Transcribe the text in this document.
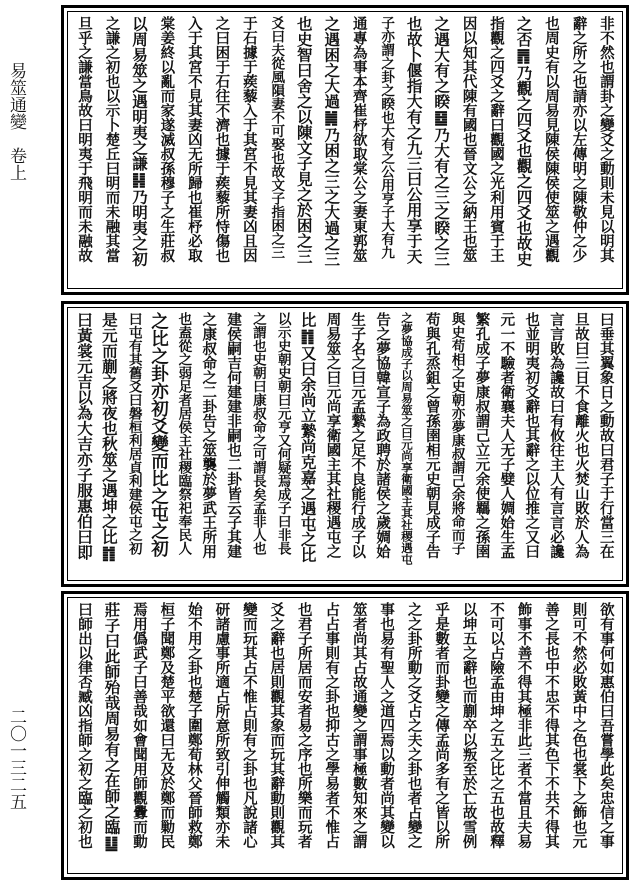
易筮通變　卷上
二〇一三二五
非不然也謂卦之變爻之動則未見以明其
辭之所之也請亦以左傳明之陳敬仲之少
也周史有以周易見陳侯陳侯使筮之遇觀
之否䷋乃觀之四爻也觀之四爻也故史
指觀之四爻之辭曰觀國之光利用賓于王
因以知其代陳有國也晉文公之納王也筮
之遇大有之睽䷥乃大有之三之睽之三
也故卜偃指大有之九三曰公用享于天
子亦謂之卦之睽也大有之公用亨子大有九
通專為事本齊崔杼欲取棠公之妻東郭筮
之遇困之大過䷛乃困之三之大過之三
也史智曰舍之以陳文子見之於困之三
爻曰夫從風隕妻不可娶也故文子指困之三
于石據于蒺藜入于其宮不見其妻凶且因
之曰困于石往不濟也據于蒺藜所恃傷也
入于其宮不見其妻凶无所歸也崔杼必取
棠姜終以亂而家遂滅叔孫穆子之生莊叔
以周易筮之遇明夷之謙䷎乃明夷之初
之謙之初也以示卜楚丘曰明而未融其當
旦乎之謙當鳥故曰明夷于飛明而未融故
曰垂其翼象日之動故曰君子于行當三在
旦故曰三日不食離火也火焚山敗於人為
言言敗為讒故曰有攸往主人有言言必讒
也並明夷初爻辭也其辭之以位推之又曰
元一不驗者衛襄夫人无子嬖人婤姶生孟
繁孔成子夢康叔謂己立元余使羈之孫圉
與史苟相之史朝亦夢康叔謂己余將命而子
苟與孔烝鉏之曾孫圉相元史朝見成子告
之夢協成子以周易筮之曰元尚享衛國主其社稷遇屯
告之夢協韓宣子為政聘於諸侯之歲婤姶
生子名之曰元孟縶之足不良能行成子以
周易筮之曰元尚享衛國主其社稷遇屯之
比䷇又曰余尚立縶尚克嘉之遇屯之比
以示史朝史朝曰元亨又何疑焉成子曰非長
之謂也史朝曰康叔命之可謂長矣孟非人也
建侯嗣吉何建建非嗣也二卦皆云子其建
之康叔命之二卦告之筮襲於夢武王所用
也盍從之弱足者居侯主社稷臨祭祀奉民人
之比之卦亦初爻變而比之屯之初
曰屯有其舊爻曰磐桓利居貞利建侯屯之初
是元而蒯之將夜也秋筮之遇坤之比䷇
曰黃裳元吉以為大吉亦子服惠伯曰即
欲有事何如惠伯曰吾嘗學此矣忠信之事
則可不然必敗黃中之色也裳下之飾也元
善之長也中不忠不得其色下不共不得其
飾事不善不得其極非此三者不當且夫易
不可以占險孟由坤之五之比之五也故釋
以坤五之辭也而蒯卒以叛至於亡故雪例
乎是數者而卦變之傳孟尚多有之皆以所
之之卦所動之爻占之夫之卦也者占變之
事也易有聖人之道四焉以動者尚其變以
筮者尚其占故通變之謂事極數知來之謂
占占事則有之卦也抑古之學易者不惟占
也君子所居而安者易之序也所樂而玩者
爻之辭也居則觀其象而玩其辭動則觀其
變而玩其占不惟占則有之卦也凡說諸心
研諸慮事所適占所意所致引伸觸類亦未
始不用之卦也楚子圍鄭荀林父晉師救鄭
桓子聞鄭及楚平欲還曰无及於鄭而勦民
焉用僞武子曰善哉如會聞用師觀釁而動
莊子曰此師殆哉周易有之在師之臨䷒
曰師出以律否臧凶指師之初之臨之初也
